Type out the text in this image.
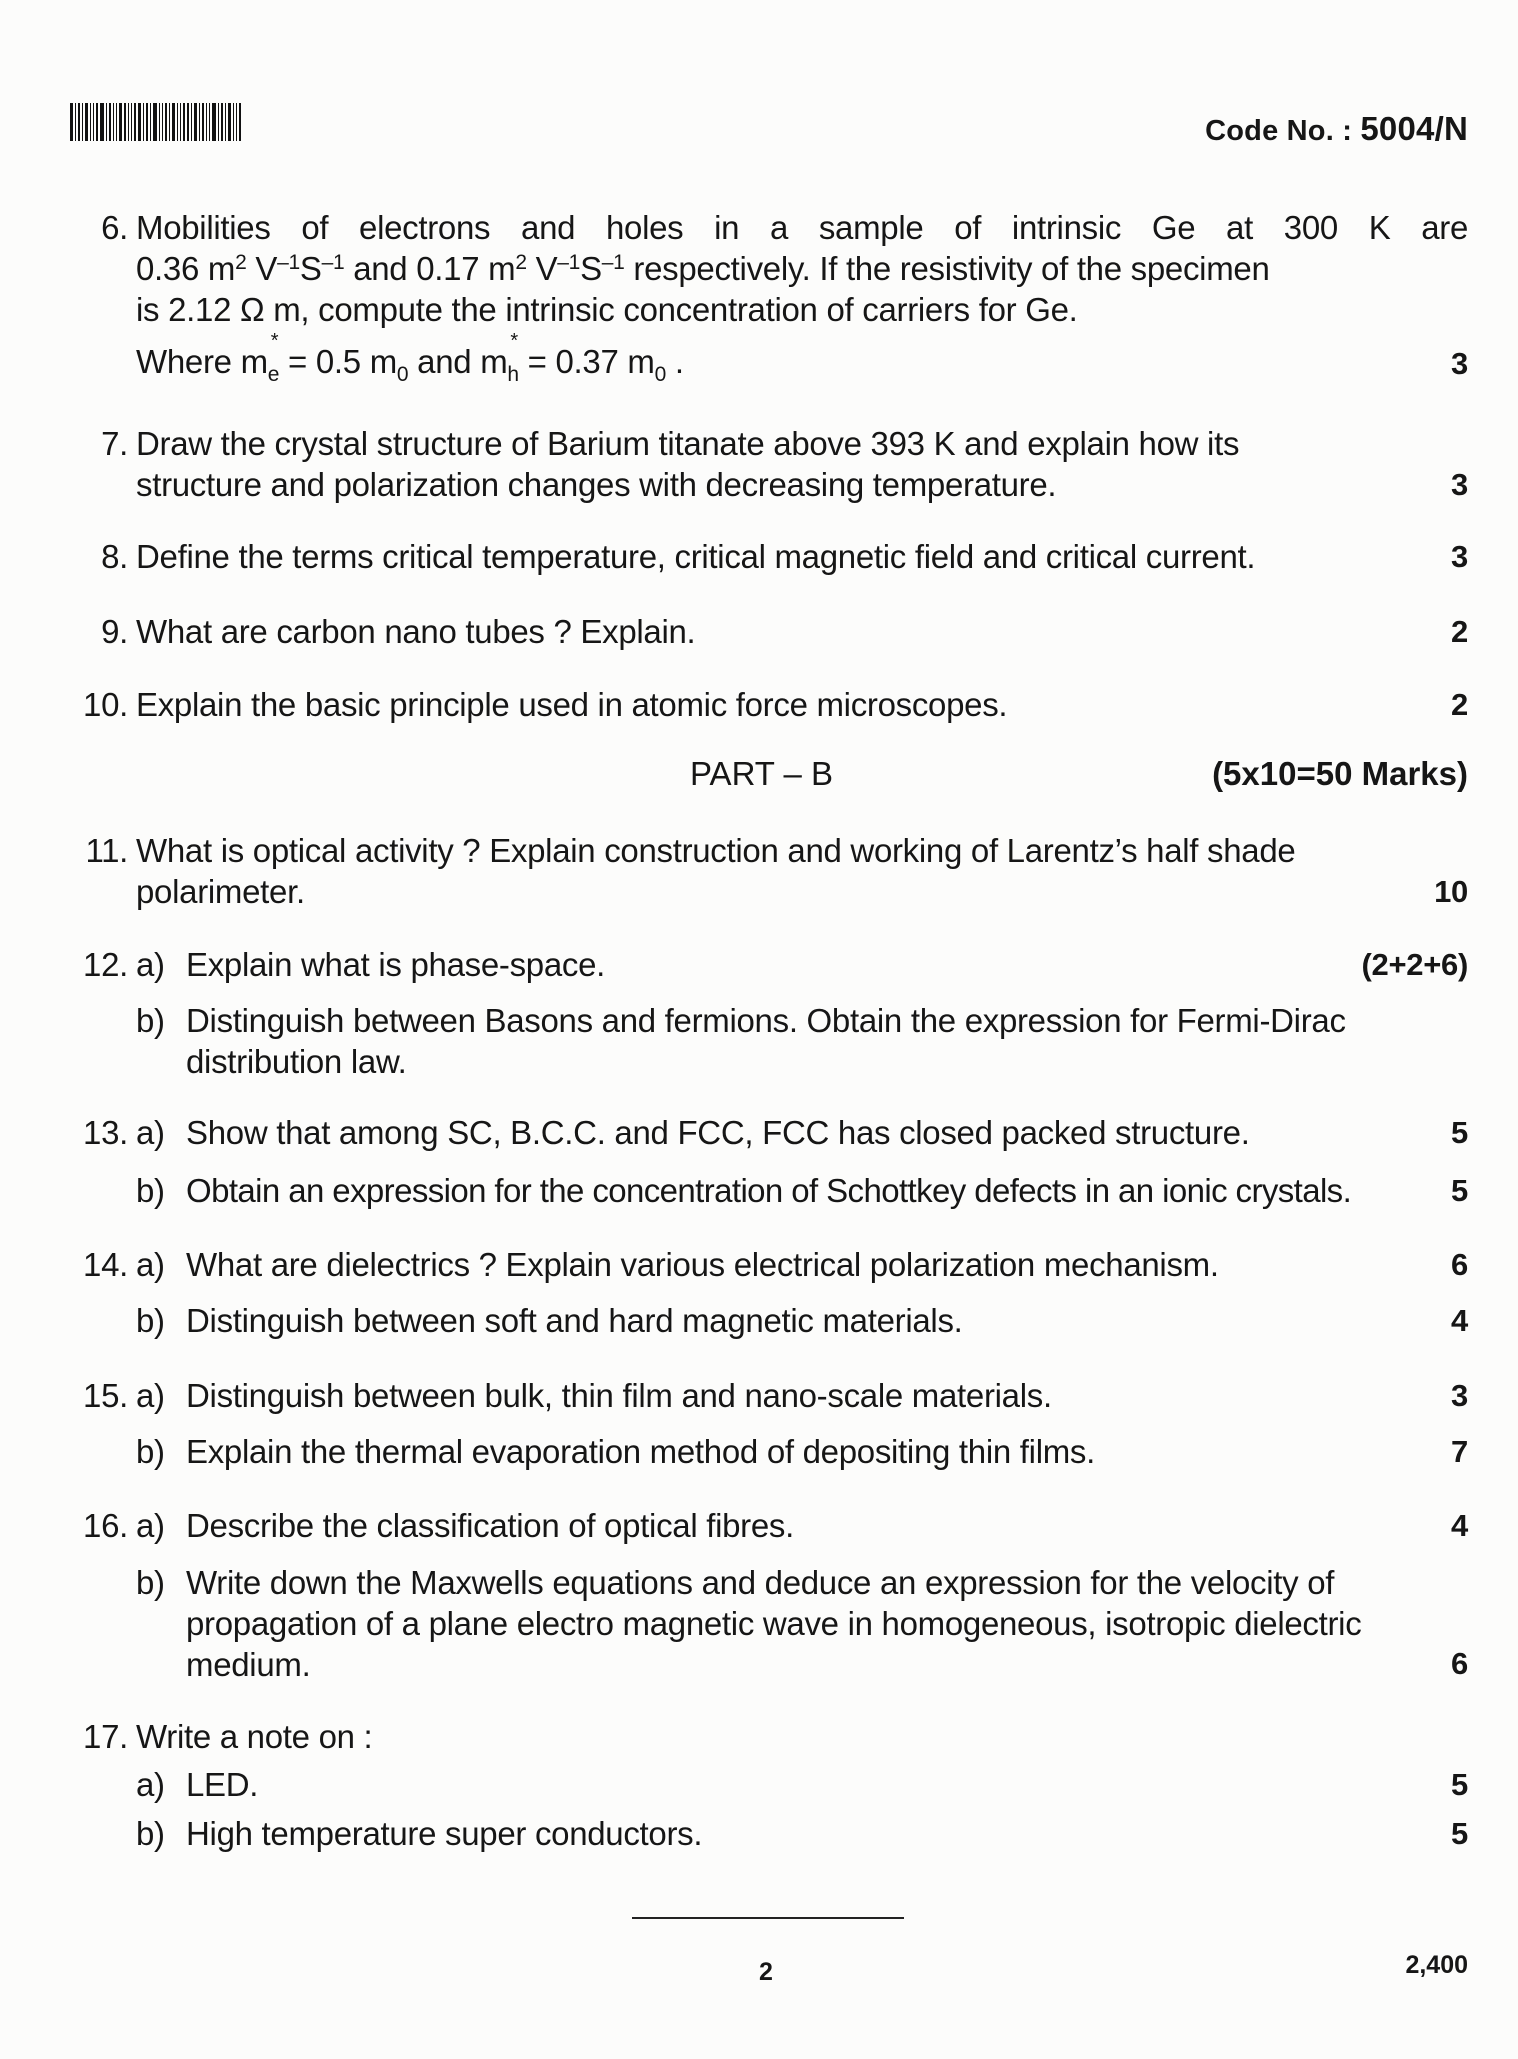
Code No. : 5004/N
6. Mobilities of electrons and holes in a sample of intrinsic Ge at 300 K are
0.36 $m^2$ $V^{-1}S^{-1}$ and 0.17 $m^2$ $V^{-1}S^{-1}$ respectively. If the resistivity of the specimen
is 2.12 Ω m, compute the intrinsic concentration of carriers for Ge.
Where m
*
$_e$ = 0.5 $m_0$ and m
*
$_h$ = 0.37 $m_0$ .	3
7. Draw the crystal structure of Barium titanate above 393 K and explain how its structure and polarization changes with decreasing temperature.	3
8. Define the terms critical temperature, critical magnetic field and critical current.	3
9. What are carbon nano tubes ? Explain.	2
10. Explain the basic principle used in atomic force microscopes.	2
PART – B	(5x10=50 Marks)
11. What is optical activity ? Explain construction and working of Larentz’s half shade polarimeter.	10
12. a) Explain what is phase-space.	(2+2+6)
b) Distinguish between Basons and fermions. Obtain the expression for Fermi-Dirac distribution law.
13. a) Show that among SC, B.C.C. and FCC, FCC has closed packed structure.	5
b) Obtain an expression for the concentration of Schottkey defects in an ionic crystals.	5
14. a) What are dielectrics ? Explain various electrical polarization mechanism.	6
b) Distinguish between soft and hard magnetic materials.	4
15. a) Distinguish between bulk, thin film and nano-scale materials.	3
b) Explain the thermal evaporation method of depositing thin films.	7
16. a) Describe the classification of optical fibres.	4
b) Write down the Maxwells equations and deduce an expression for the velocity of propagation of a plane electro magnetic wave in homogeneous, isotropic dielectric medium.	6
17. Write a note on :
a) LED.	5
b) High temperature super conductors.	5
2	2,400
